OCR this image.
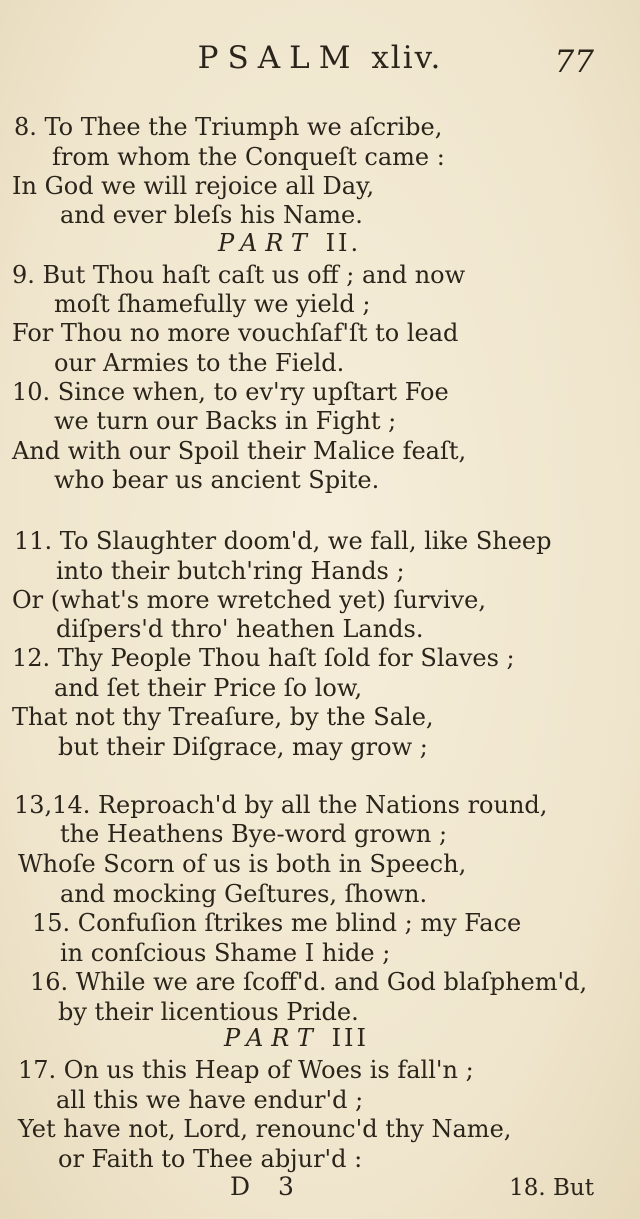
PSALM xliv.	77
8. To Thee the Triumph we aſcribe,
from whom the Conqueſt came :
In God we will rejoice all Day,
and ever bleſs his Name.
PART II.
9. But Thou haſt caſt us off ; and now
moſt ſhamefully we yield ;
For Thou no more vouchſaf'ſt to lead
our Armies to the Field.
10. Since when, to ev'ry upſtart Foe
we turn our Backs in Fight ;
And with our Spoil their Malice feaſt,
who bear us ancient Spite.
11. To Slaughter doom'd, we fall, like Sheep
into their butch'ring Hands ;
Or (what's more wretched yet) ſurvive,
diſpers'd thro' heathen Lands.
12. Thy People Thou haſt ſold for Slaves ;
and ſet their Price ſo low,
That not thy Treaſure, by the Sale,
but their Diſgrace, may grow ;
13,14. Reproach'd by all the Nations round,
the Heathens Bye-word grown ;
Whoſe Scorn of us is both in Speech,
and mocking Geſtures, ſhown.
15. Confuſion ſtrikes me blind ; my Face
in conſcious Shame I hide ;
16. While we are ſcoff'd. and God blaſphem'd,
by their licentious Pride.
PART III
17. On us this Heap of Woes is fall'n ;
all this we have endur'd ;
Yet have not, Lord, renounc'd thy Name,
or Faith to Thee abjur'd :
D 3	18. But
